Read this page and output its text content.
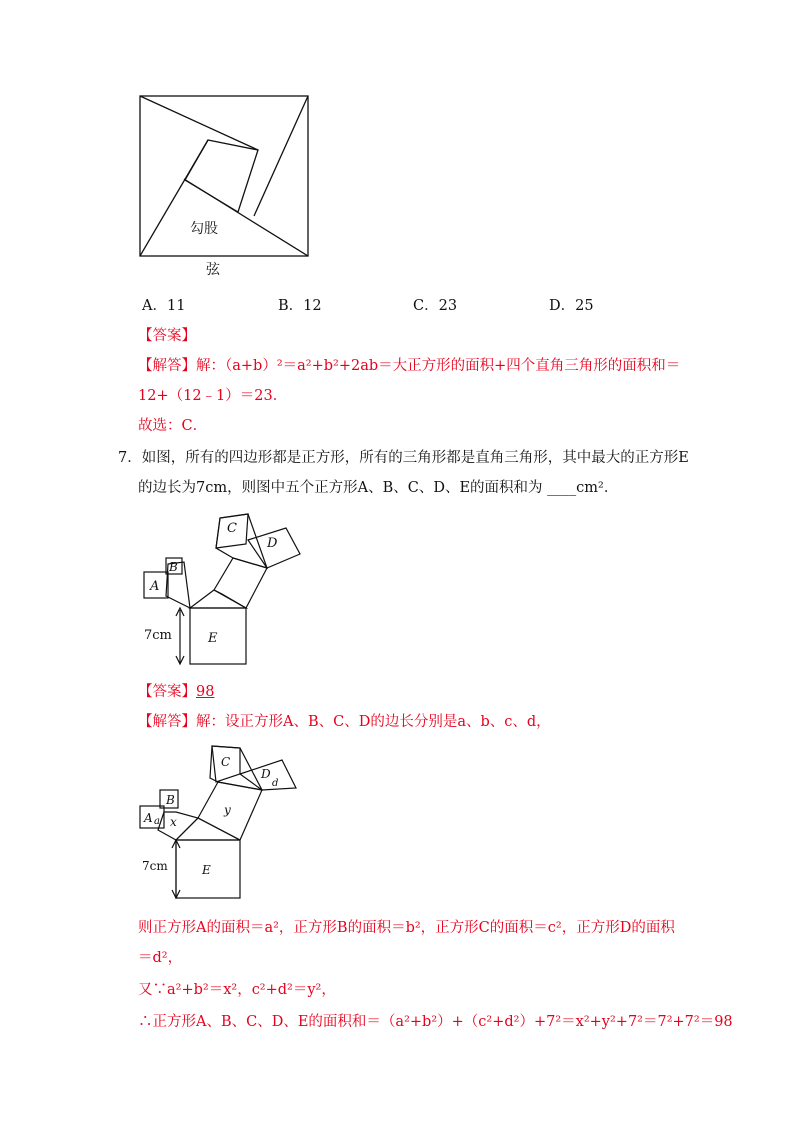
勾股
弦
A．11	B．12	C．23	D．25
【答案】
【解答】解：（a+b）²＝a²+b²+2ab＝大正方形的面积+四个直角三角形的面积和＝
12+（12﹣1）＝23．
故选：C．
7．如图，所有的四边形都是正方形，所有的三角形都是直角三角形，其中最大的正方形E
的边长为7cm，则图中五个正方形A、B、C、D、E的面积和为 ____cm²．
A
B
C
D
E
7cm
【答案】98
【解答】解：设正方形A、B、C、D的边长分别是a、b、c、d，
A a
B
x
C
y
D
d
E
7cm
则正方形A的面积＝a²，正方形B的面积＝b²，正方形C的面积＝c²，正方形D的面积
＝d²，
又∵a²+b²＝x²，c²+d²＝y²，
∴正方形A、B、C、D、E的面积和＝（a²+b²）+（c²+d²）+7²＝x²+y²+7²＝7²+7²＝98
